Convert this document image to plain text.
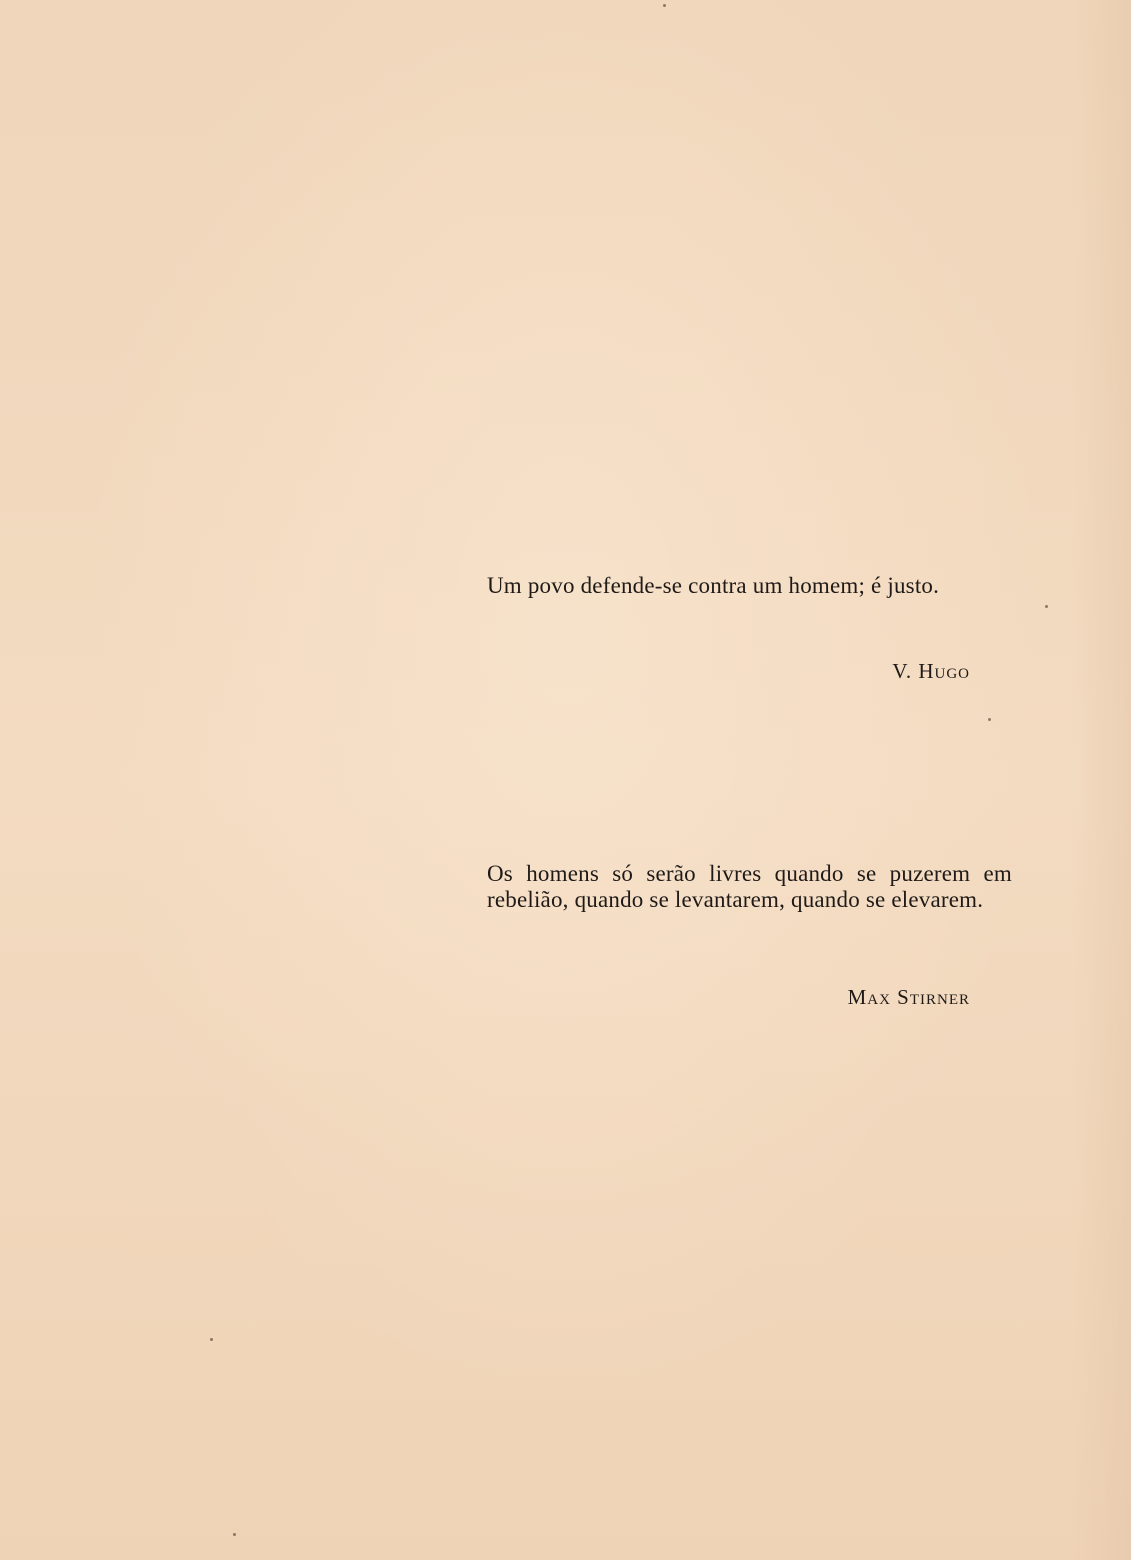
Um povo defende-se contra um homem; é justo.
V. Hugo
Os homens só serão livres quando se puzerem em rebelião, quando se levantarem, quando se elevarem.
Max Stirner
